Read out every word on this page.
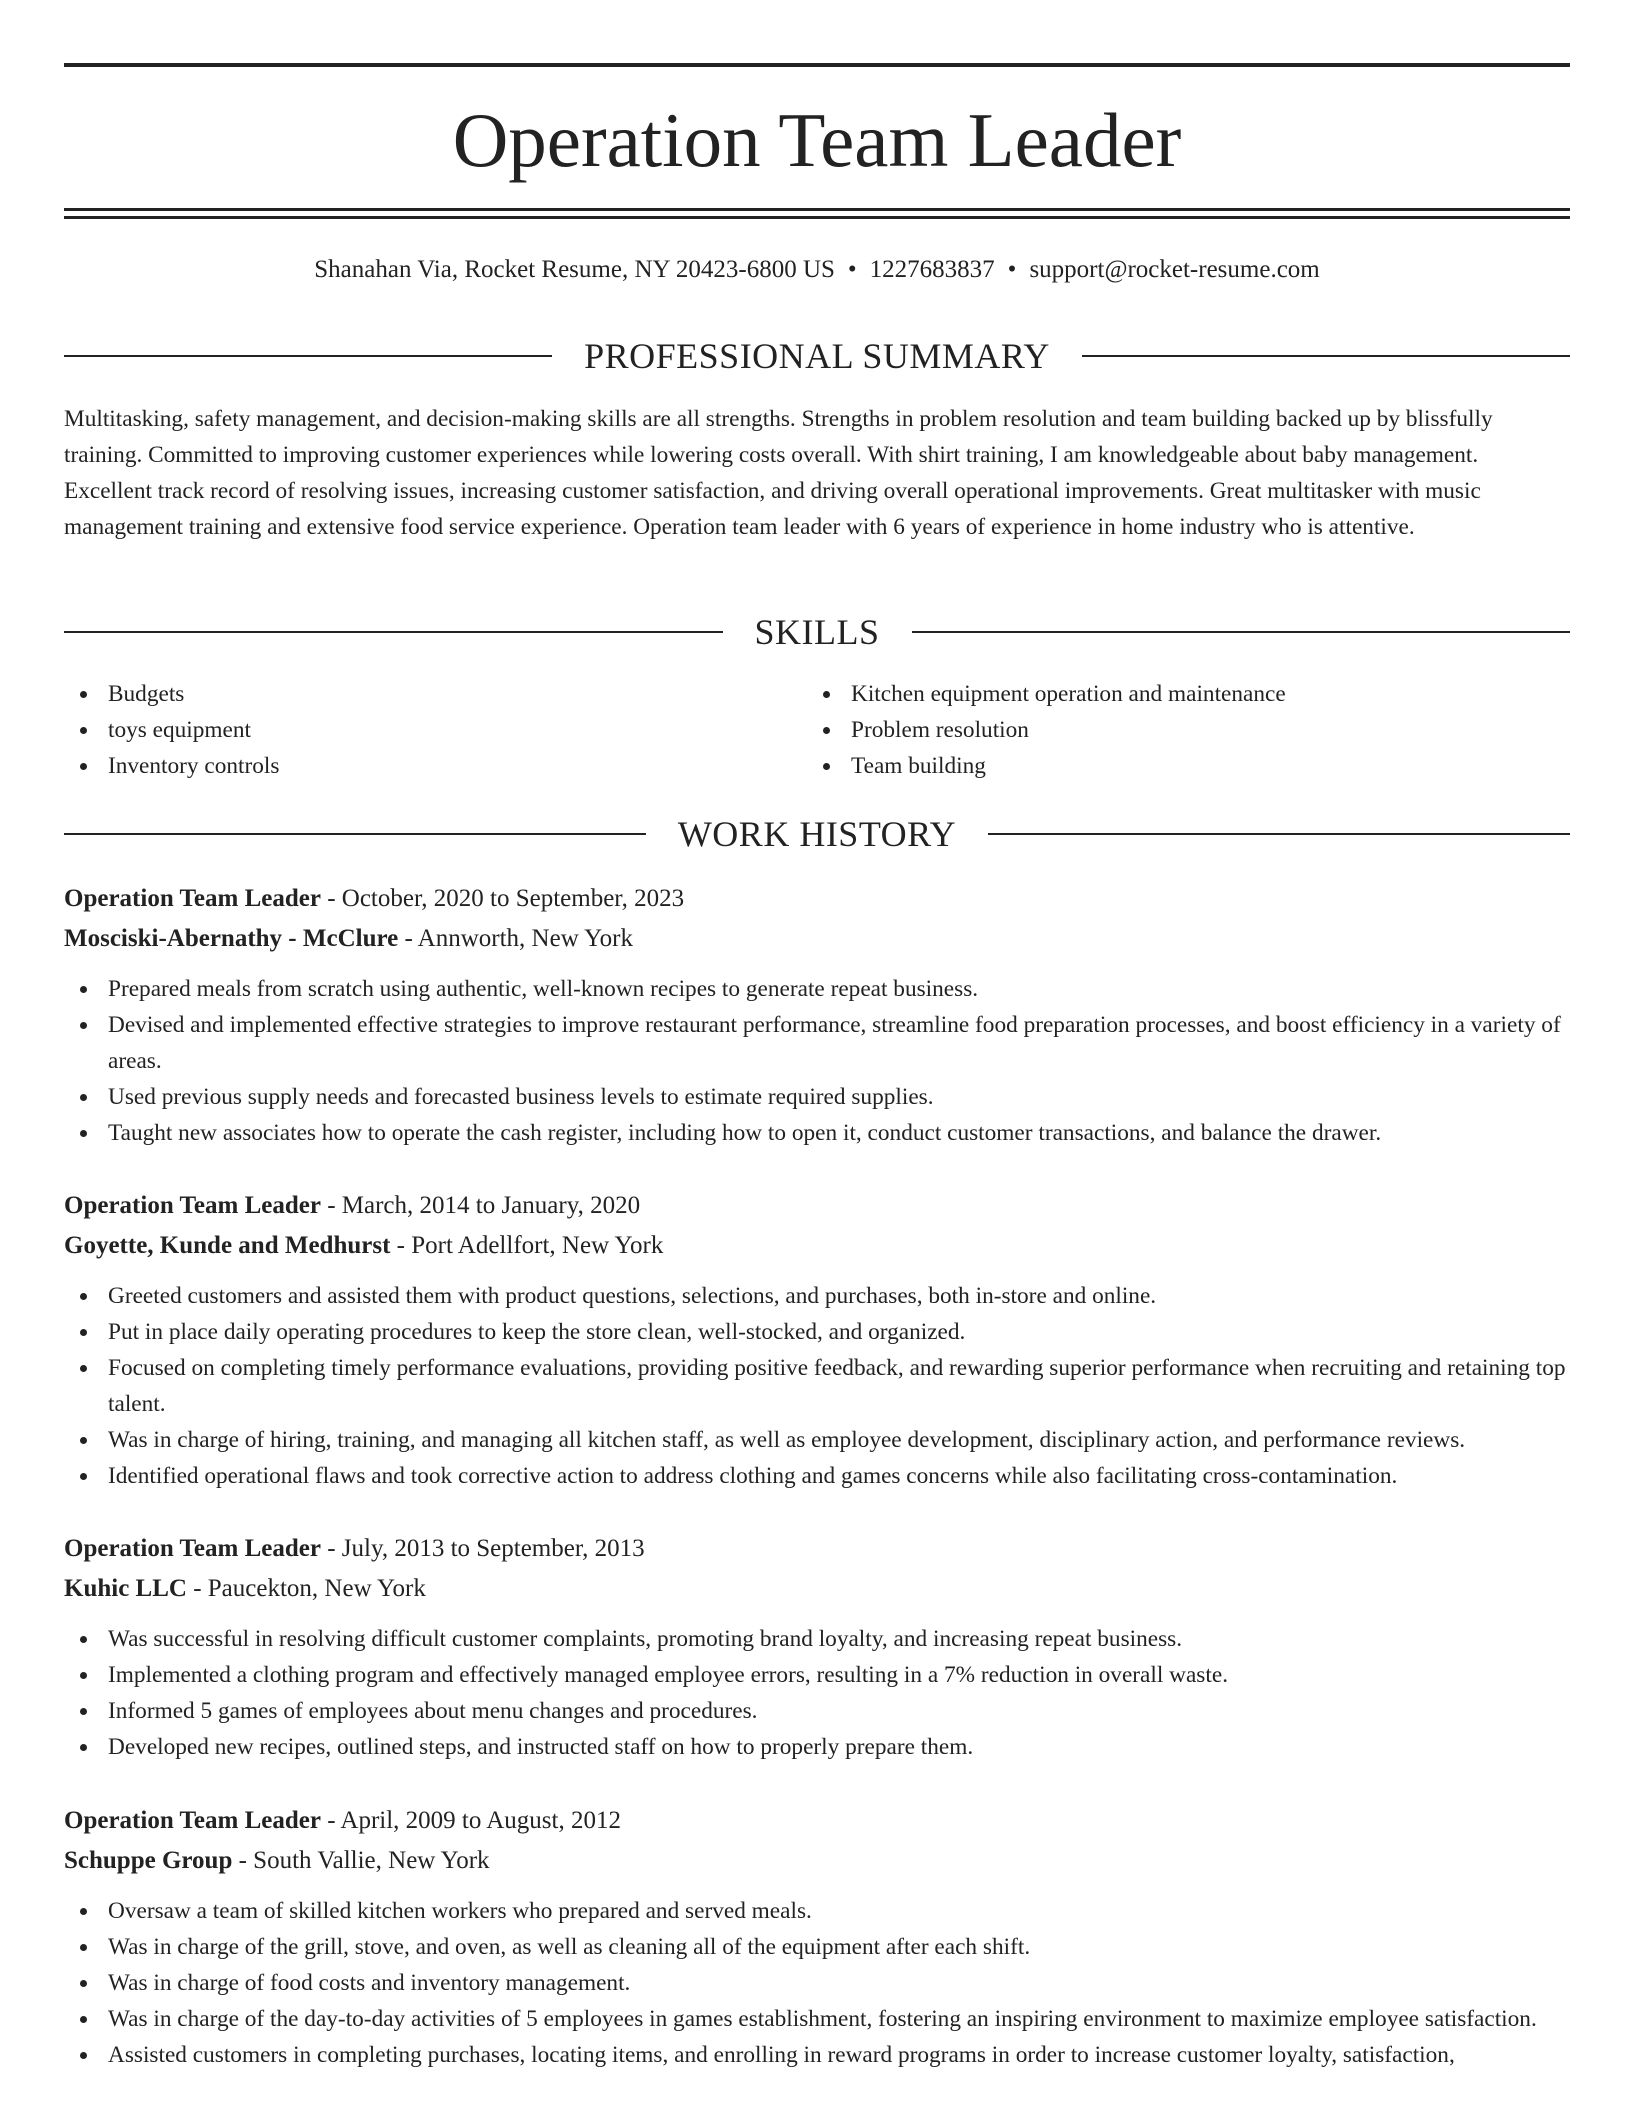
Operation Team Leader
Shanahan Via, Rocket Resume, NY 20423-6800 US • 1227683837 • support@rocket-resume.com
PROFESSIONAL SUMMARY

Multitasking, safety management, and decision-making skills are all strengths. Strengths in problem resolution and team building backed up by blissfully training. Committed to improving customer experiences while lowering costs overall. With shirt training, I am knowledgeable about baby management. Excellent track record of resolving issues, increasing customer satisfaction, and driving overall operational improvements. Great multitasker with music management training and extensive food service experience. Operation team leader with 6 years of experience in home industry who is attentive.

SKILLS
Budgets
toys equipment
Inventory controls
Kitchen equipment operation and maintenance
Problem resolution
Team building
WORK HISTORY
Operation Team Leader - October, 2020 to September, 2023
Mosciski-Abernathy - McClure - Annworth, New York
Prepared meals from scratch using authentic, well-known recipes to generate repeat business.
Devised and implemented effective strategies to improve restaurant performance, streamline food preparation processes, and boost efficiency in a variety of areas.
Used previous supply needs and forecasted business levels to estimate required supplies.
Taught new associates how to operate the cash register, including how to open it, conduct customer transactions, and balance the drawer.
Operation Team Leader - March, 2014 to January, 2020
Goyette, Kunde and Medhurst - Port Adellfort, New York
Greeted customers and assisted them with product questions, selections, and purchases, both in-store and online.
Put in place daily operating procedures to keep the store clean, well-stocked, and organized.
Focused on completing timely performance evaluations, providing positive feedback, and rewarding superior performance when recruiting and retaining top talent.
Was in charge of hiring, training, and managing all kitchen staff, as well as employee development, disciplinary action, and performance reviews.
Identified operational flaws and took corrective action to address clothing and games concerns while also facilitating cross-contamination.
Operation Team Leader - July, 2013 to September, 2013
Kuhic LLC - Paucekton, New York
Was successful in resolving difficult customer complaints, promoting brand loyalty, and increasing repeat business.
Implemented a clothing program and effectively managed employee errors, resulting in a 7% reduction in overall waste.
Informed 5 games of employees about menu changes and procedures.
Developed new recipes, outlined steps, and instructed staff on how to properly prepare them.
Operation Team Leader - April, 2009 to August, 2012
Schuppe Group - South Vallie, New York
Oversaw a team of skilled kitchen workers who prepared and served meals.
Was in charge of the grill, stove, and oven, as well as cleaning all of the equipment after each shift.
Was in charge of food costs and inventory management.
Was in charge of the day-to-day activities of 5 employees in games establishment, fostering an inspiring environment to maximize employee satisfaction.
Assisted customers in completing purchases, locating items, and enrolling in reward programs in order to increase customer loyalty, satisfaction,
